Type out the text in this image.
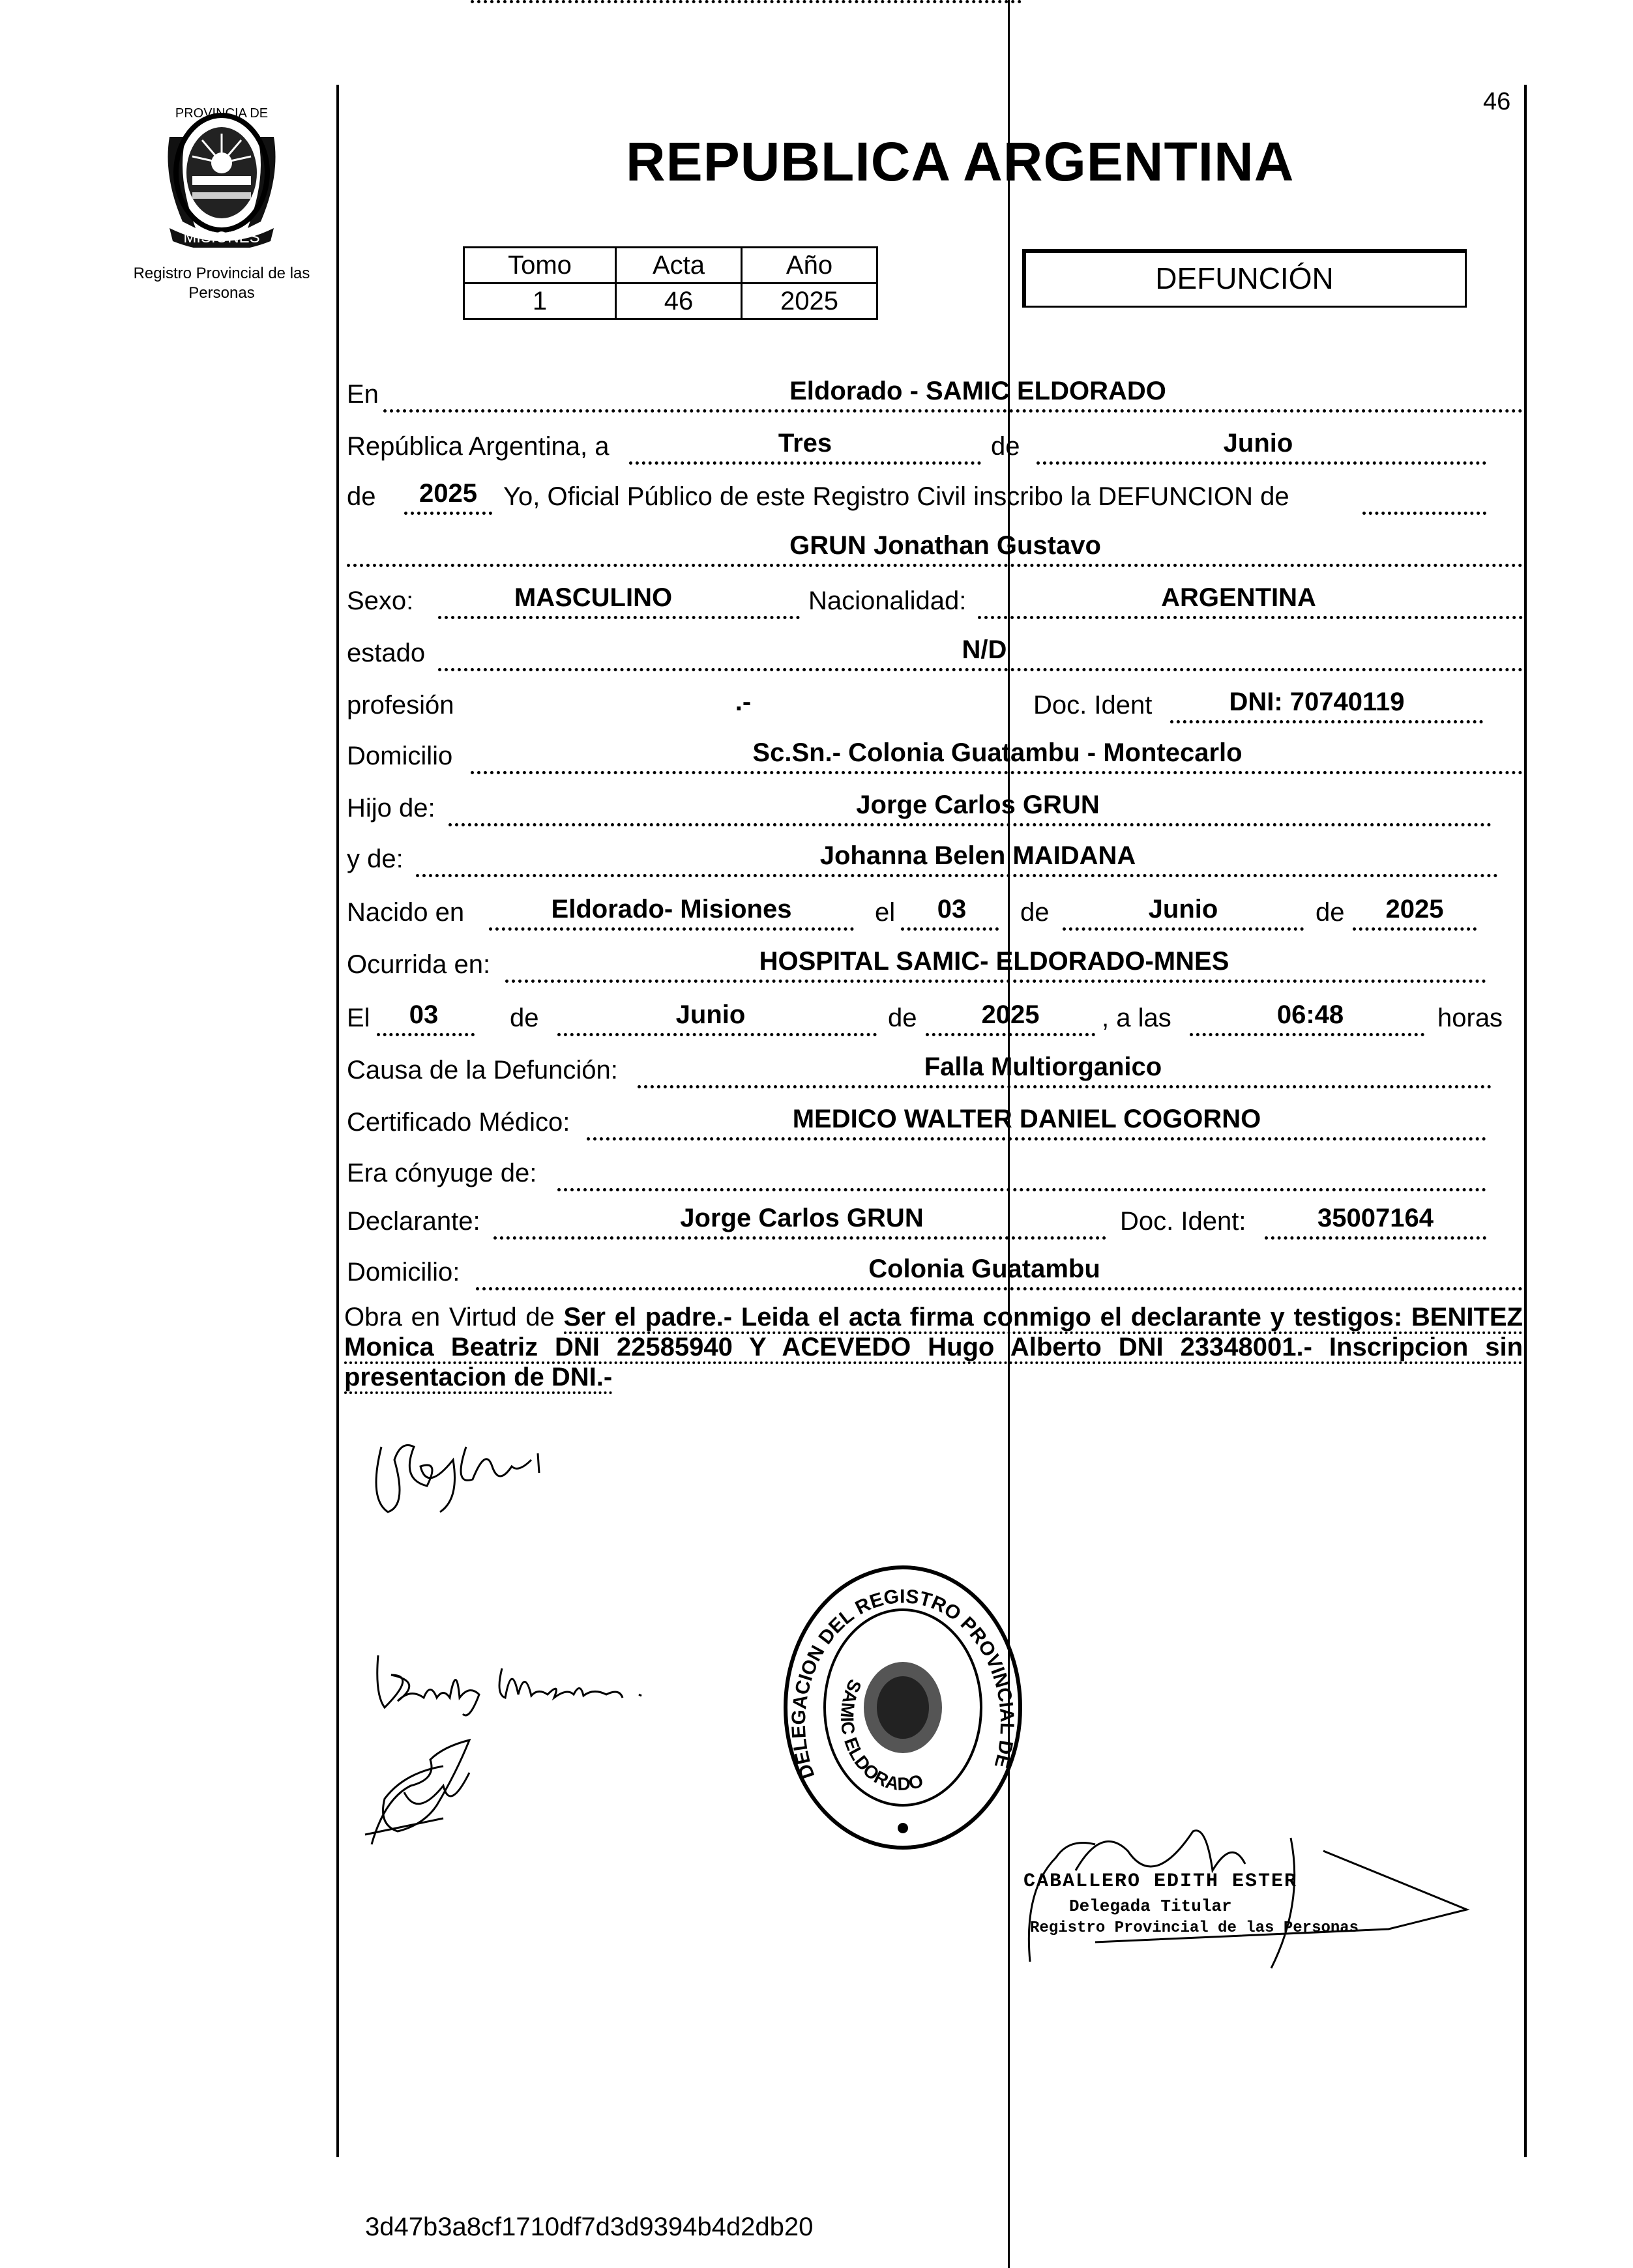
PROVINCIA DE
MISIONES
Registro Provincial de las Personas
46
REPUBLICA ARGENTINA
Tomo	Acta	Año
1	46	2025
DEFUNCIÓN
En	Eldorado - SAMIC ELDORADO
República Argentina, a	Tres	de	Junio
de	2025	Yo, Oficial Público de este Registro Civil inscribo la DEFUNCION de
GRUN Jonathan Gustavo
Sexo:	MASCULINO	Nacionalidad:	ARGENTINA
estado	N/D
profesión	.-	Doc. Ident	DNI: 70740119
Domicilio	Sc.Sn.- Colonia Guatambu - Montecarlo
Hijo de:	Jorge Carlos GRUN
y de:	Johanna Belen MAIDANA
Nacido en	Eldorado- Misiones	el	03	de	Junio	de	2025
Ocurrida en:	HOSPITAL SAMIC- ELDORADO-MNES
El	03	de	Junio	de	2025	, a las	06:48	horas
Causa de la Defunción:	Falla Multiorganico
Certificado Médico:	MEDICO WALTER DANIEL COGORNO
Era cónyuge de:
Declarante:	Jorge Carlos GRUN	Doc. Ident:	35007164
Domicilio:	Colonia Guatambu
Obra en Virtud de Ser el padre.- Leida el acta firma conmigo el declarante y testigos: BENITEZ Monica Beatriz DNI 22585940 Y ACEVEDO Hugo Alberto DNI 23348001.- Inscripcion sin presentacion de DNI.-
DELEGACION DEL REGISTRO PROVINCIAL DE
SAMIC ELDORADO
CABALLERO EDITH ESTER
Delegada Titular
Registro Provincial de las Personas
3d47b3a8cf1710df7d3d9394b4d2db20
